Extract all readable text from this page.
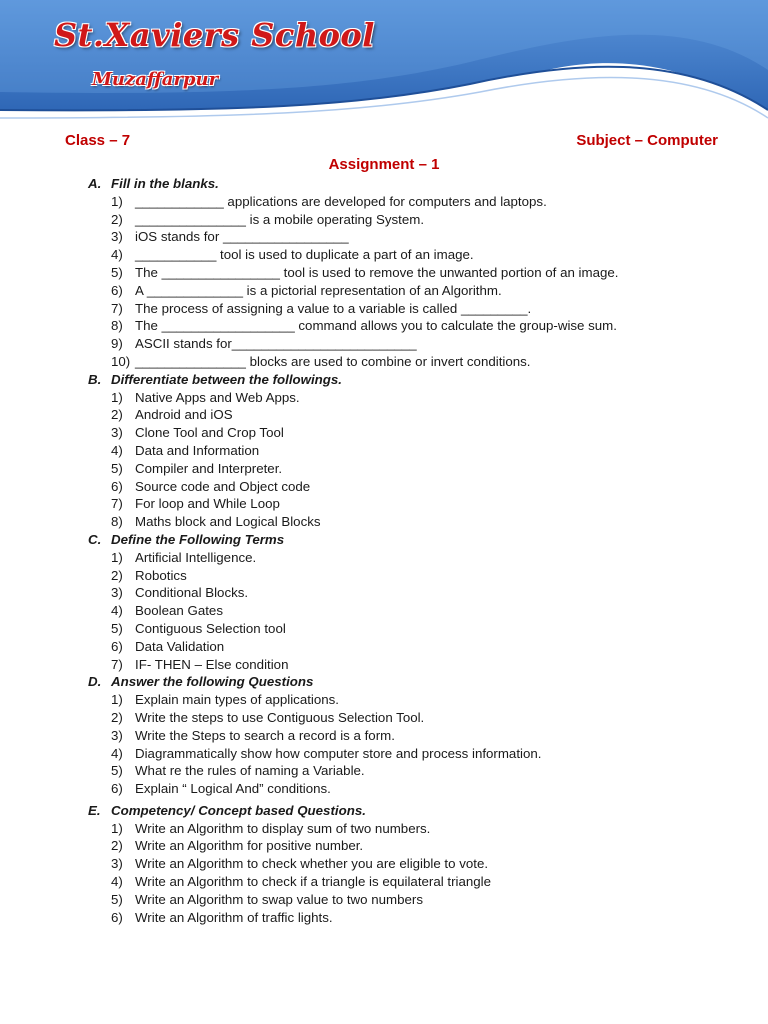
St.Xaviers School
Muzaffarpur
Class – 7	Subject – Computer
Assignment – 1
A. Fill in the blanks.
1) ____________ applications are developed for computers and laptops.
2) _______________ is a mobile operating System.
3) iOS stands for _________________
4) ___________ tool is used to duplicate a part of an image.
5) The ________________ tool is used to remove the unwanted portion of an image.
6) A _____________ is a pictorial representation of an Algorithm.
7) The process of assigning a value to a variable is called _________.
8) The __________________ command allows you to calculate the group-wise sum.
9) ASCII stands for_________________________
10) _______________ blocks are used to combine or invert conditions.
B. Differentiate between the followings.
1) Native Apps and Web Apps.
2) Android and iOS
3) Clone Tool and Crop Tool
4) Data and Information
5) Compiler and Interpreter.
6) Source code and Object code
7) For loop and While Loop
8) Maths block and Logical Blocks
C. Define the Following Terms
1) Artificial Intelligence.
2) Robotics
3) Conditional Blocks.
4) Boolean Gates
5) Contiguous Selection tool
6) Data Validation
7) IF- THEN – Else condition
D. Answer the following Questions
1) Explain main types of applications.
2) Write the steps to use Contiguous Selection Tool.
3) Write the Steps to search a record is a form.
4) Diagrammatically show how computer store and process information.
5) What re the rules of naming a Variable.
6) Explain “ Logical And” conditions.
E. Competency/ Concept based Questions.
1) Write an Algorithm to display sum of two numbers.
2) Write an Algorithm for positive number.
3) Write an Algorithm to check whether you are eligible to vote.
4) Write an Algorithm to check if a triangle is equilateral triangle
5) Write an Algorithm to swap value to two numbers
6) Write an Algorithm of traffic lights.
